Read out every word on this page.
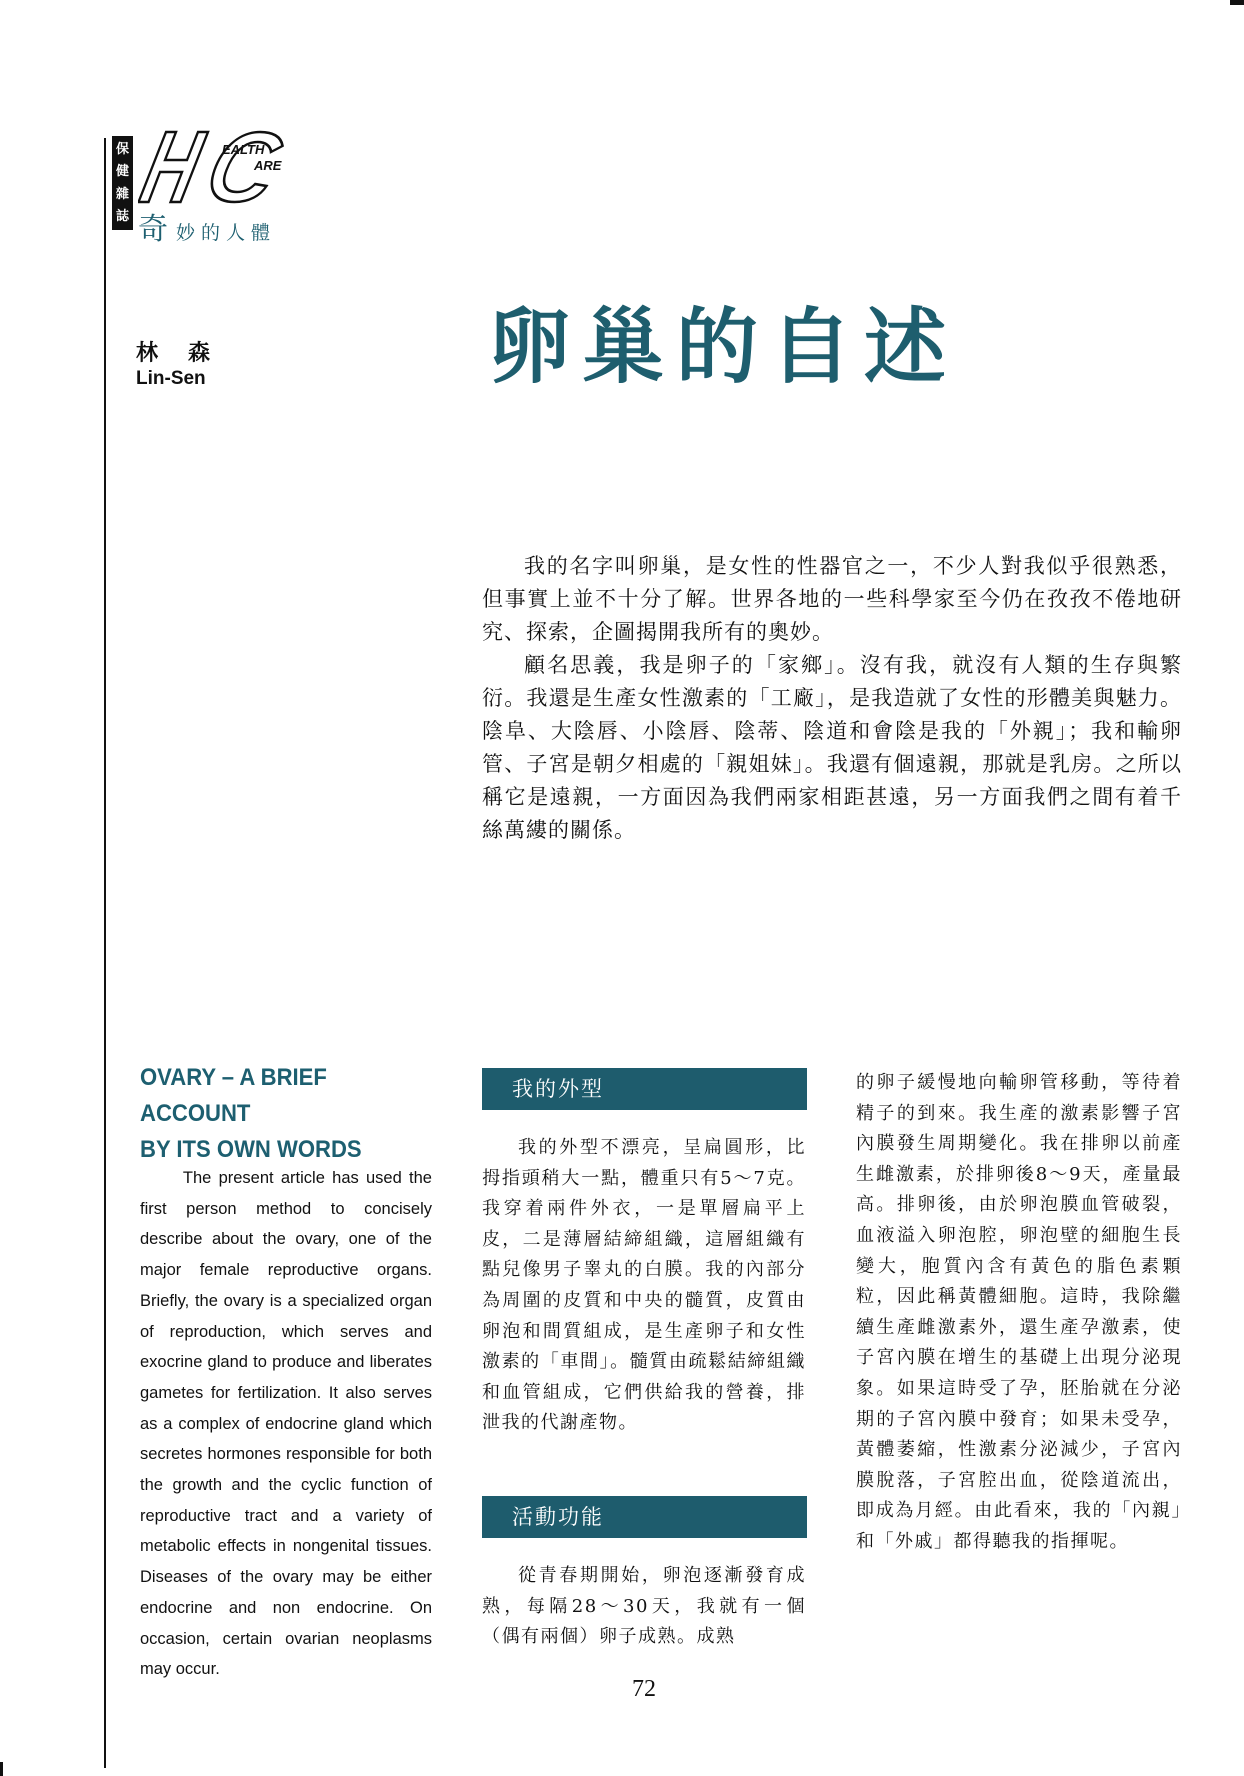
保
健
雜
誌
EALTH
ARE
奇妙的人體
林森
Lin-Sen	卵巢的自述

我的名字叫卵巢，是女性的性器官之一，不少人對我似乎很熟悉，但事實上並不十分了解。世界各地的一些科學家至今仍在孜孜不倦地研究、探索，企圖揭開我所有的奧妙。

顧名思義，我是卵子的「家鄉」。沒有我，就沒有人類的生存與繁衍。我還是生產女性激素的「工廠」，是我造就了女性的形體美與魅力。陰阜、大陰唇、小陰唇、陰蒂、陰道和會陰是我的「外親」；我和輸卵管、子宮是朝夕相處的「親姐妹」。我還有個遠親，那就是乳房。之所以稱它是遠親，一方面因為我們兩家相距甚遠，另一方面我們之間有着千絲萬縷的關係。

OVARY – A BRIEF ACCOUNT
BY ITS OWN WORDS

The present article has used the first person method to concisely describe about the ovary, one of the major female reproductive organs. Briefly, the ovary is a specialized organ of reproduction, which serves and exocrine gland to produce and liberates gametes for fertilization. It also serves as a complex of endocrine gland which secretes hormones responsible for both the growth and the cyclic function of reproductive tract and a variety of metabolic effects in nongenital tissues. Diseases of the ovary may be either endocrine and non endocrine. On occasion, certain ovarian neoplasms may occur.

我的外型

我的外型不漂亮，呈扁圓形，比拇指頭稍大一點，體重只有5～7克。我穿着兩件外衣，一是單層扁平上皮，二是薄層結締組織，這層組織有點兒像男子睾丸的白膜。我的內部分為周圍的皮質和中央的髓質，皮質由卵泡和間質組成，是生產卵子和女性激素的「車間」。髓質由疏鬆結締組織和血管組成，它們供給我的營養，排泄我的代謝產物。

活動功能

從青春期開始，卵泡逐漸發育成熟，每隔28～30天，我就有一個（偶有兩個）卵子成熟。成熟

的卵子緩慢地向輸卵管移動，等待着精子的到來。我生產的激素影響子宮內膜發生周期變化。我在排卵以前產生雌激素，於排卵後8～9天，產量最高。排卵後，由於卵泡膜血管破裂，血液溢入卵泡腔，卵泡壁的細胞生長變大，胞質內含有黃色的脂色素顆粒，因此稱黃體細胞。這時，我除繼續生產雌激素外，還生產孕激素，使子宮內膜在增生的基礎上出現分泌現象。如果這時受了孕，胚胎就在分泌期的子宮內膜中發育；如果未受孕，黃體萎縮，性激素分泌減少，子宮內膜脫落，子宮腔出血，從陰道流出，即成為月經。由此看來，我的「內親」和「外戚」都得聽我的指揮呢。

72
